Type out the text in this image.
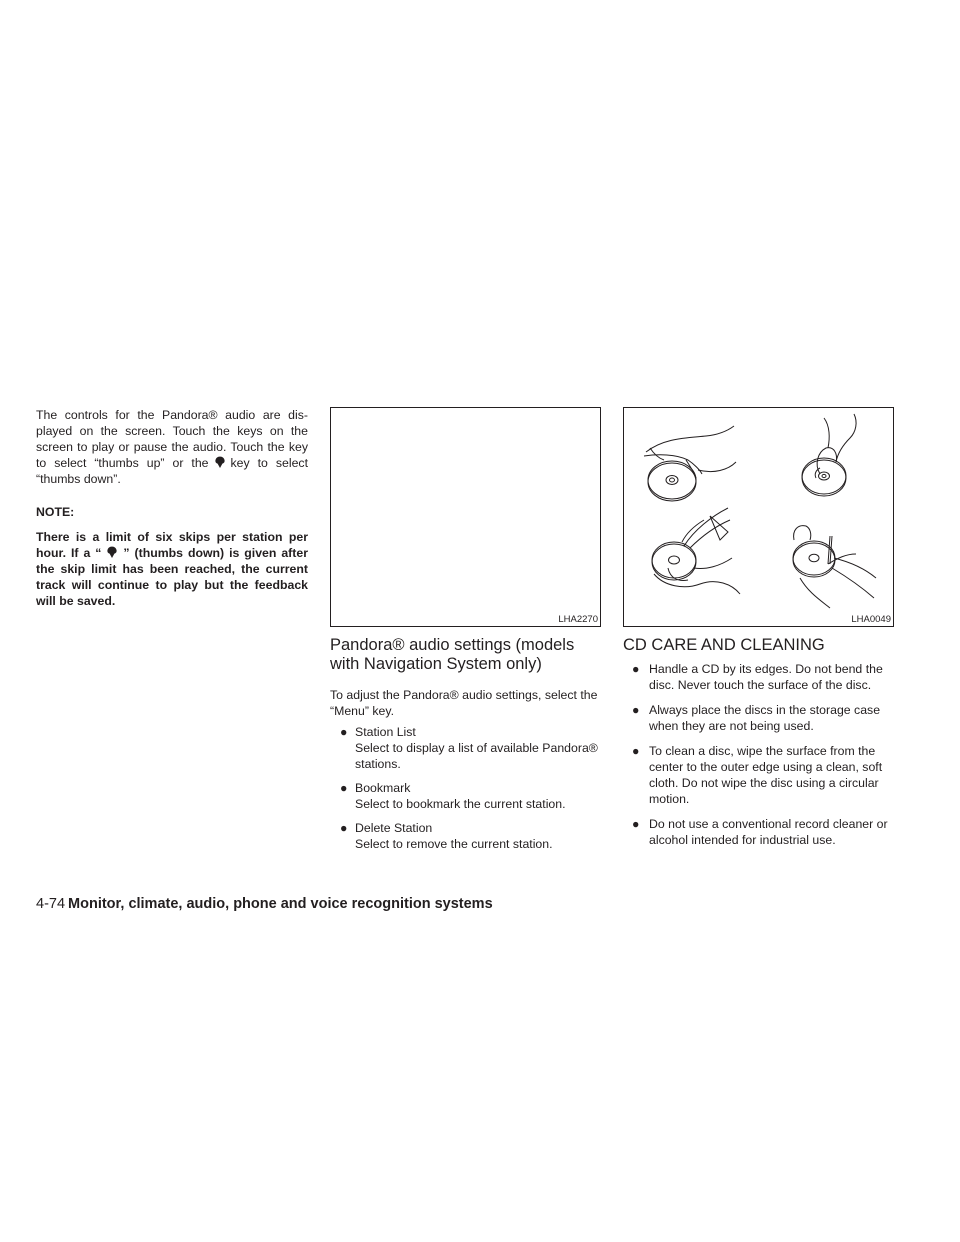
The controls for the Pandora® audio are dis- played on the screen. Touch the keys on the screen to play or pause the audio. Touch the key to select “thumbs up” or the key to select “thumbs down”.

NOTE:

There is a limit of six skips per station per hour. If a “ ” (thumbs down) is given after the skip limit has been reached, the current track will continue to play but the feedback will be saved.

LHA2270
Pandora® audio settings (models with Navigation System only)

To adjust the Pandora® audio settings, select the “Menu” key.

● Station List
Select to display a list of available Pandora® stations.
● Bookmark
Select to bookmark the current station.
● Delete Station
Select to remove the current station.
LHA0049
CD CARE AND CLEANING
● Handle a CD by its edges. Do not bend the disc. Never touch the surface of the disc.
● Always place the discs in the storage case when they are not being used.
● To clean a disc, wipe the surface from the center to the outer edge using a clean, soft cloth. Do not wipe the disc using a circular motion.
● Do not use a conventional record cleaner or alcohol intended for industrial use.
4-74 Monitor, climate, audio, phone and voice recognition systems
